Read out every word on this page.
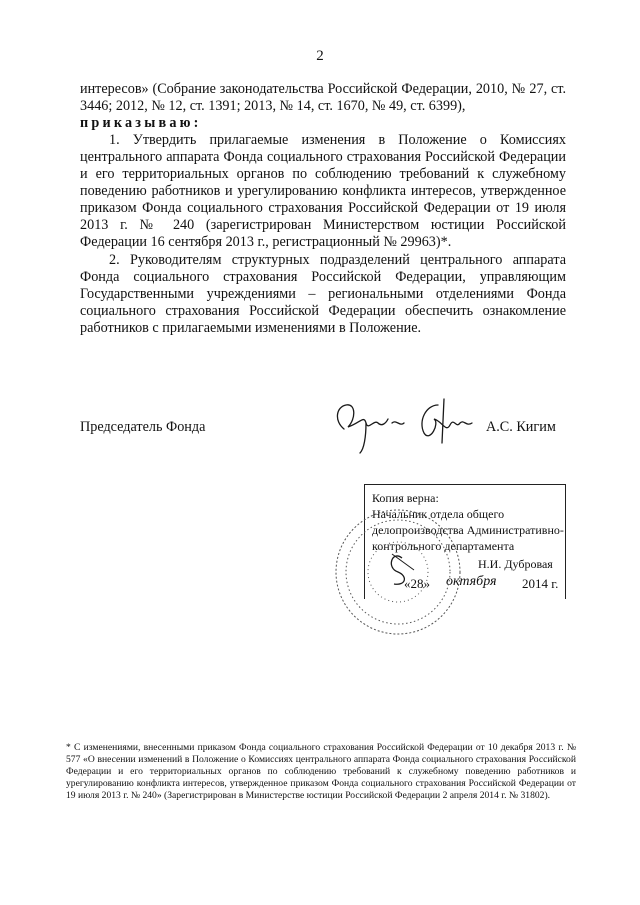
2

интересов» (Собрание законодательства Российской Федерации, 2010, № 27, ст. 3446; 2012, № 12, ст. 1391; 2013, № 14, ст. 1670, № 49, ст. 6399),

приказываю:

1. Утвердить прилагаемые изменения в Положение о Комиссиях центрального аппарата Фонда социального страхования Российской Федерации и его территориальных органов по соблюдению требований к служебному поведению работников и урегулированию конфликта интересов, утвержденное приказом Фонда социального страхования Российской Федерации от 19 июля 2013 г. № 240 (зарегистрирован Министерством юстиции Российской Федерации 16 сентября 2013 г., регистрационный № 29963)*.

2. Руководителям структурных подразделений центрального аппарата Фонда социального страхования Российской Федерации, управляющим Государственными учреждениями – региональными отделениями Фонда социального страхования Российской Федерации обеспечить ознакомление работников с прилагаемыми изменениями в Положение.

Председатель Фонда	А.С. Кигим
Копия верна:
Начальник отдела общего
делопроизводства Административно-
контрольного департамента
Н.И. Дубровая
«28» октября 2014 г.
* С изменениями, внесенными приказом Фонда социального страхования Российской Федерации от 10 декабря 2013 г. № 577 «О внесении изменений в Положение о Комиссиях центрального аппарата Фонда социального страхования Российской Федерации и его территориальных органов по соблюдению требований к служебному поведению работников и урегулированию конфликта интересов, утвержденное приказом Фонда социального страхования Российской Федерации от 19 июля 2013 г. № 240» (Зарегистрирован в Министерстве юстиции Российской Федерации 2 апреля 2014 г. № 31802).
